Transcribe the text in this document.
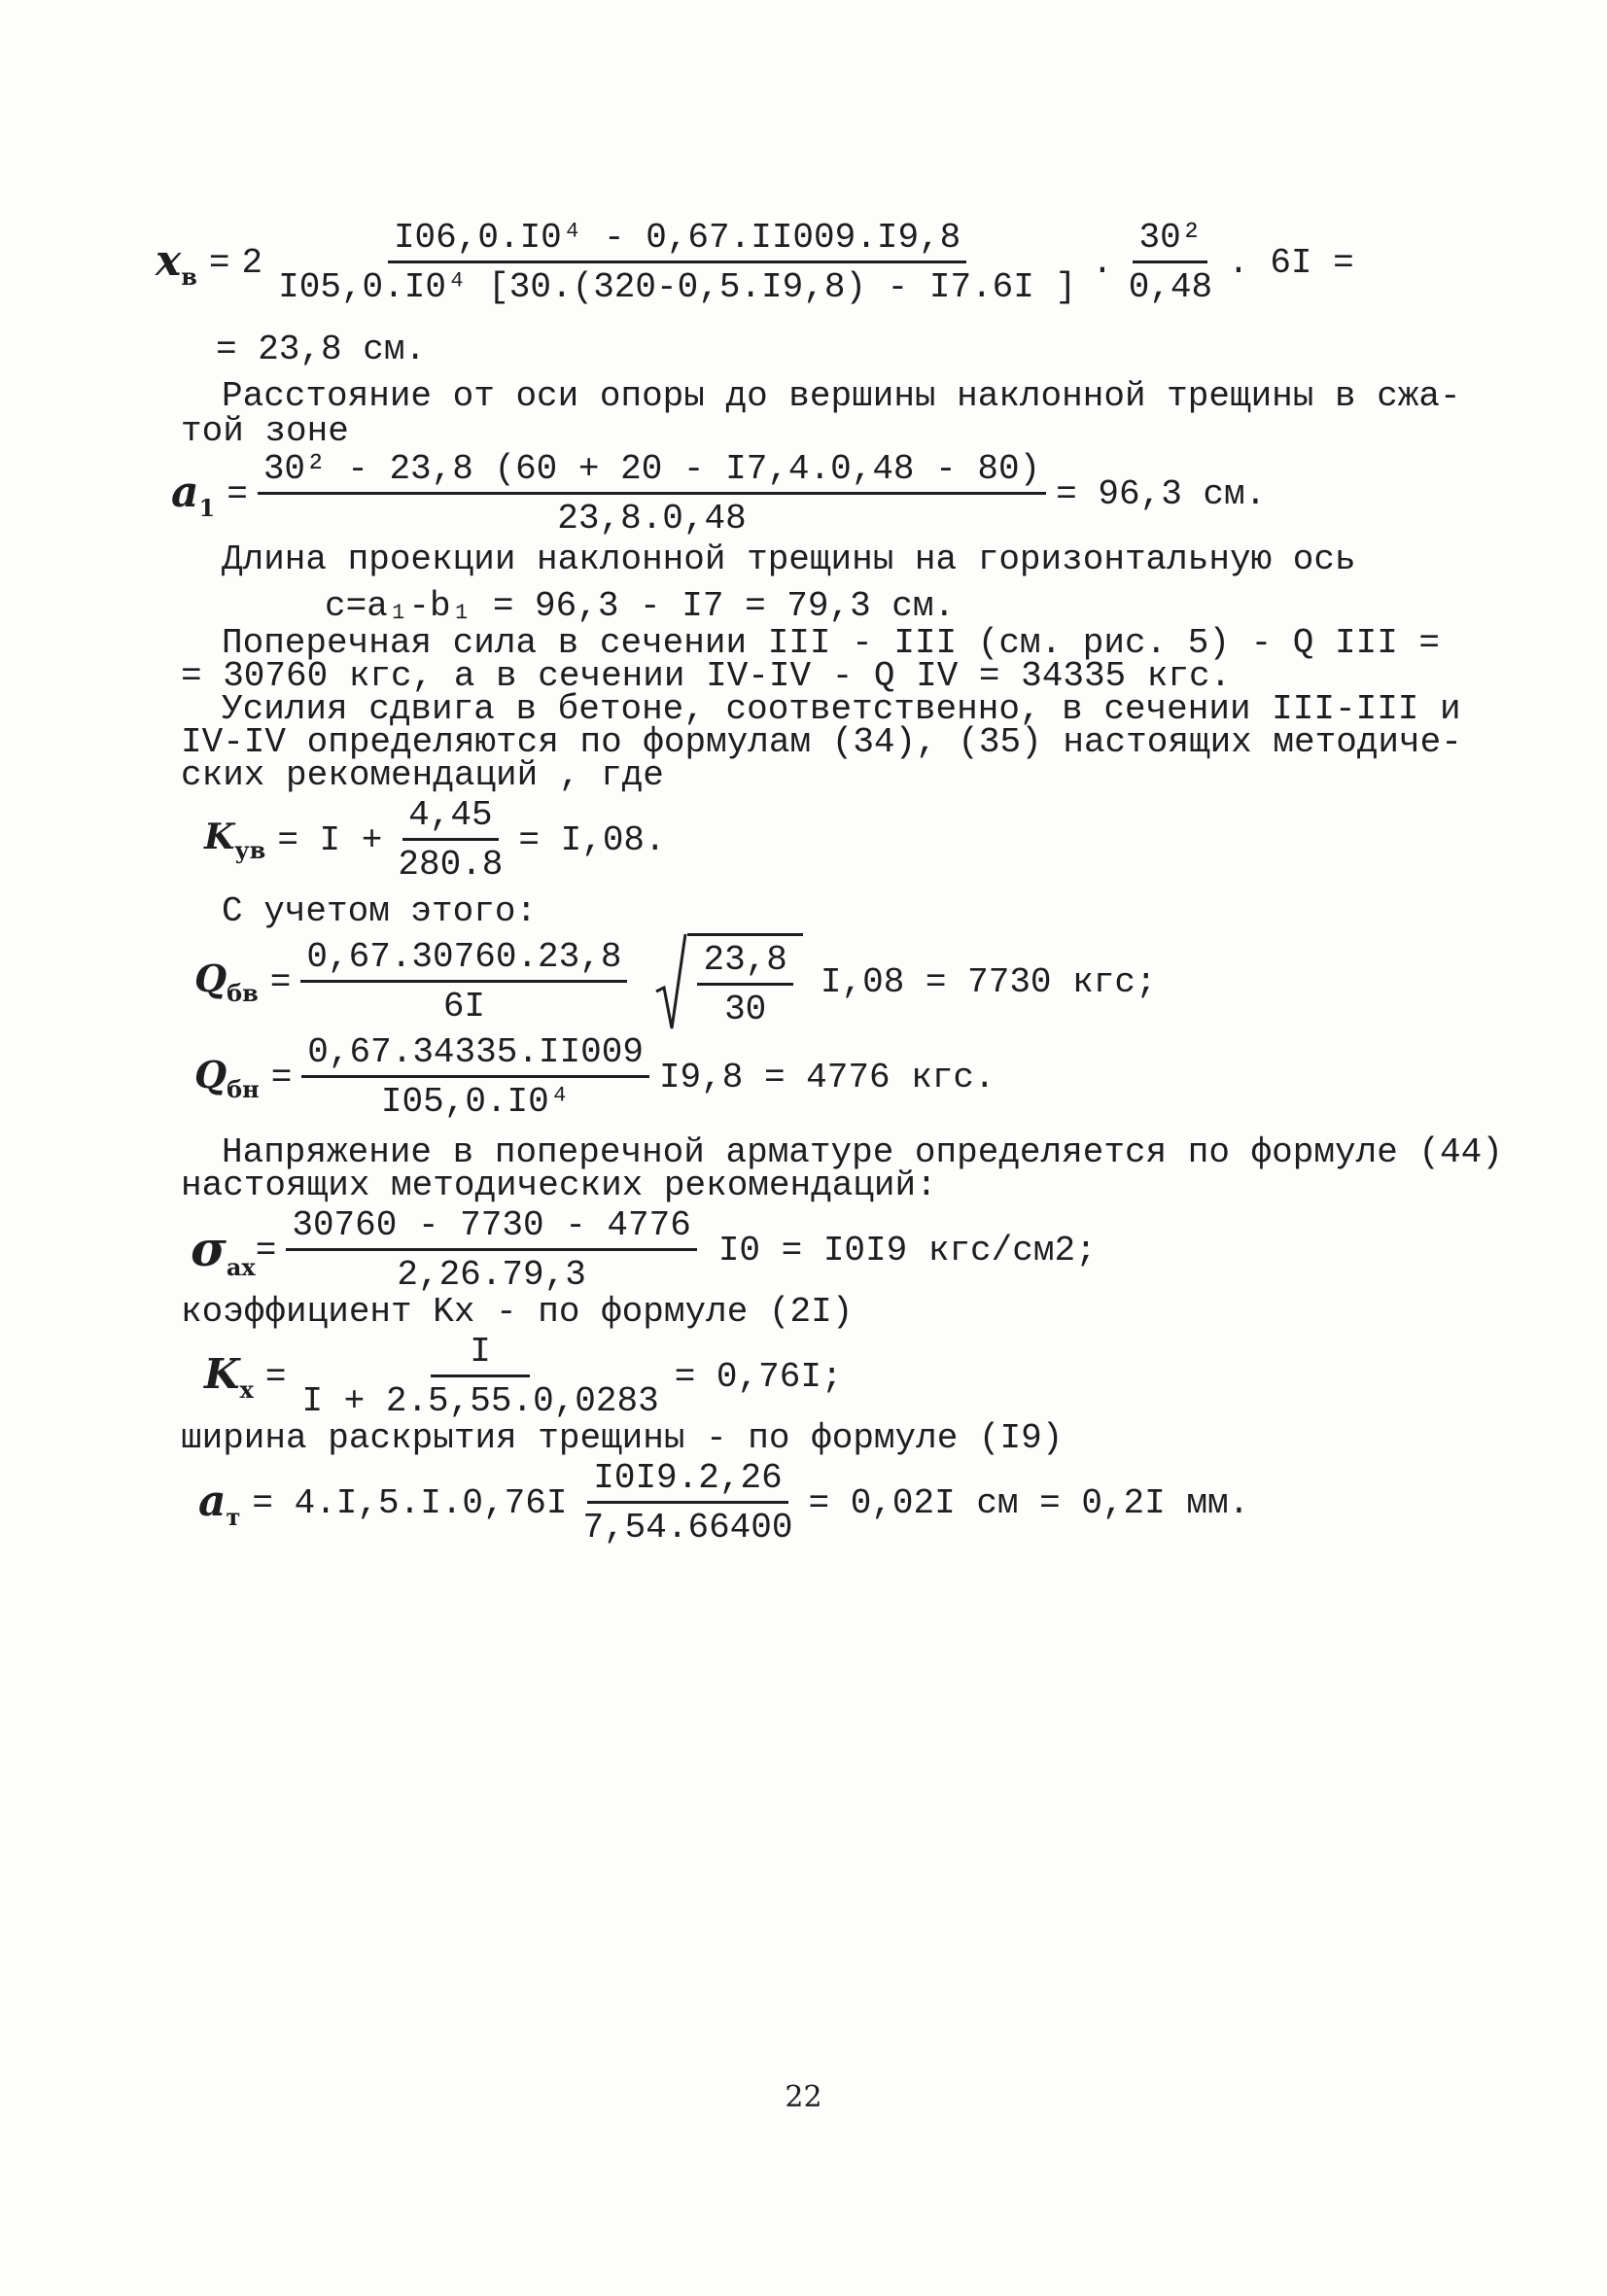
$x_в = 2 \frac{\text{I06,0.I0⁴ - 0,67.II009.I9,8}}{\text{I05,0.I0⁴ [30.(320-0,5.I9,8) - I7.6I ]}}$ . $\frac{\text{30²}}{0,48}$ . 6I =
= 23,8 см.
Расстояние от оси опоры до вершины наклонной трещины в сжа-
той зоне
$a_1 = \frac{\text{30² - 23,8 (60 + 20 - I7,4.0,48 - 80)}}{23,8.0,48} = 96,3$ см.
Длина проекции наклонной трещины на горизонтальную ось
c=a₁-b₁ = 96,3 - I7 = 79,3 см.
Поперечная сила в сечении III - III (см. рис. 5) - Q III =
= 30760 кгс, а в сечении IV-IV - Q IV = 34335 кгс.
Усилия сдвига в бетоне, соответственно, в сечении III-III и
IV-IV определяются по формулам (34), (35) настоящих методиче-
ских рекомендаций , где
$K_{ув} = I + \frac{4,45}{280.8} = I,08$.
С учетом этого:
$Q_{бв} = \frac{0,67.30760.23,8}{6I} \frac{23,8}{30} I,08 = 7730$ кгс;
$Q_{бн} = \frac{0,67.34335.II009}{\text{I05,0.I0⁴}} I9,8 = 4776$ кгс.
Напряжение в поперечной арматуре определяется по формуле (44)
настоящих методических рекомендаций:
$\sigma_{ax} = \frac{30760 - 7730 - 4776}{2,26.79,3} I0 = I0I9$ кгс/см2;
коэффициент Kx - по формуле (2I)
$K_x = \frac{I}{I + 2.5,55.0,0283} = 0,76I$;
ширина раскрытия трещины - по формуле (I9)
$a_т = 4.I,5.I.0,76I \frac{I0I9.2,26}{7,54.66400} = 0,02I$ см = 0,2I мм.
22
